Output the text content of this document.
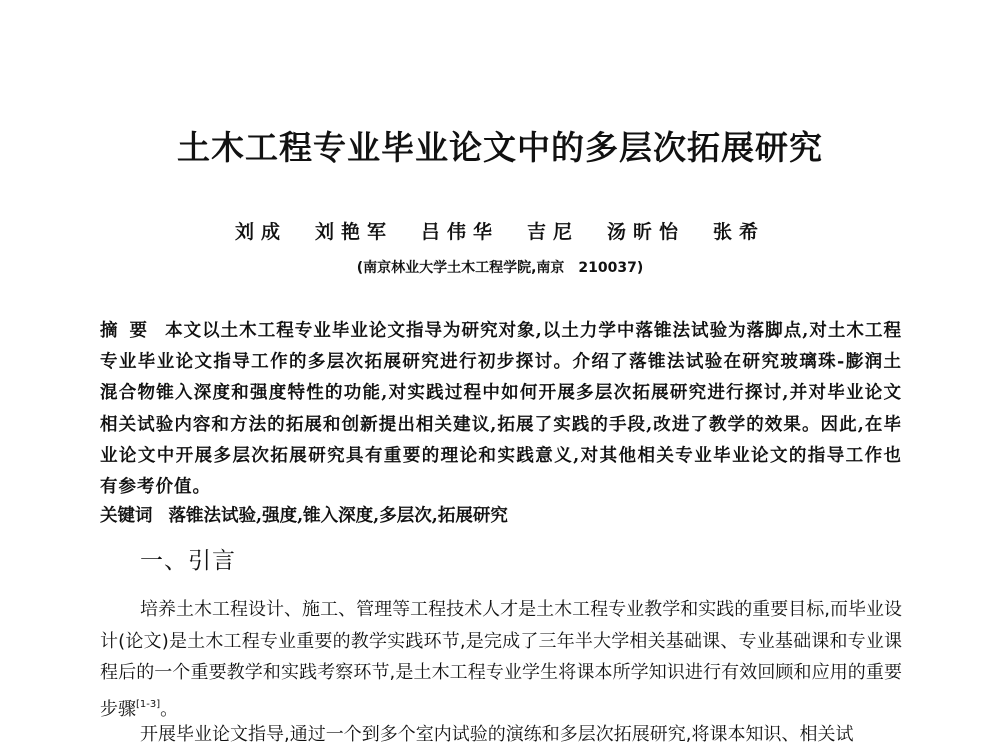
土木工程专业毕业论文中的多层次拓展研究
刘成 刘艳军 吕伟华 吉尼 汤昕怡 张希
(南京林业大学土木工程学院,南京　210037)
摘要 本文以土木工程专业毕业论文指导为研究对象,以土力学中落锥法试验为落脚点,对土木工程专业毕业论文指导工作的多层次拓展研究进行初步探讨。介绍了落锥法试验在研究玻璃珠-膨润土混合物锥入深度和强度特性的功能,对实践过程中如何开展多层次拓展研究进行探讨,并对毕业论文相关试验内容和方法的拓展和创新提出相关建议,拓展了实践的手段,改进了教学的效果。因此,在毕业论文中开展多层次拓展研究具有重要的理论和实践意义,对其他相关专业毕业论文的指导工作也有参考价值。
关键词 落锥法试验,强度,锥入深度,多层次,拓展研究
一、引言
培养土木工程设计、施工、管理等工程技术人才是土木工程专业教学和实践的重要目标,而毕业设计(论文)是土木工程专业重要的教学实践环节,是完成了三年半大学相关基础课、专业基础课和专业课程后的一个重要教学和实践考察环节,是土木工程专业学生将课本所学知识进行有效回顾和应用的重要步骤[1-3]。
开展毕业论文指导,通过一个到多个室内试验的演练和多层次拓展研究,将课本知识、相关试
